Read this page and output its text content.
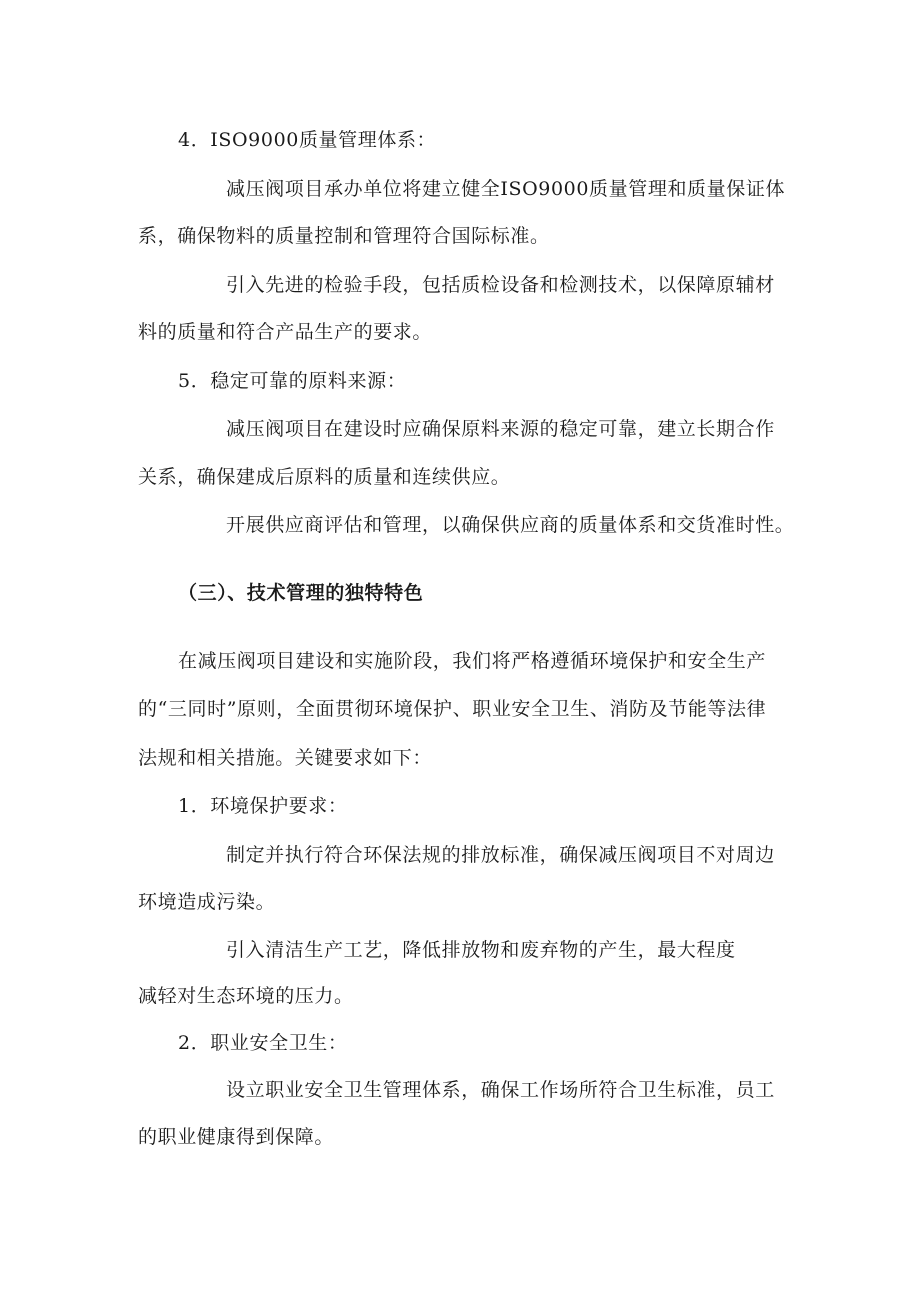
4．ISO9000质量管理体系：
减压阀项目承办单位将建立健全ISO9000质量管理和质量保证体
系，确保物料的质量控制和管理符合国际标准。
引入先进的检验手段，包括质检设备和检测技术，以保障原辅材
料的质量和符合产品生产的要求。
5．稳定可靠的原料来源：
减压阀项目在建设时应确保原料来源的稳定可靠，建立长期合作
关系，确保建成后原料的质量和连续供应。
开展供应商评估和管理，以确保供应商的质量体系和交货准时性。
（三）、技术管理的独特特色
在减压阀项目建设和实施阶段，我们将严格遵循环境保护和安全生产
的“三同时”原则，全面贯彻环境保护、职业安全卫生、消防及节能等法律
法规和相关措施。关键要求如下：
1．环境保护要求：
制定并执行符合环保法规的排放标准，确保减压阀项目不对周边
环境造成污染。
引入清洁生产工艺，降低排放物和废弃物的产生，最大程度
减轻对生态环境的压力。
2．职业安全卫生：
设立职业安全卫生管理体系，确保工作场所符合卫生标准，员工
的职业健康得到保障。
